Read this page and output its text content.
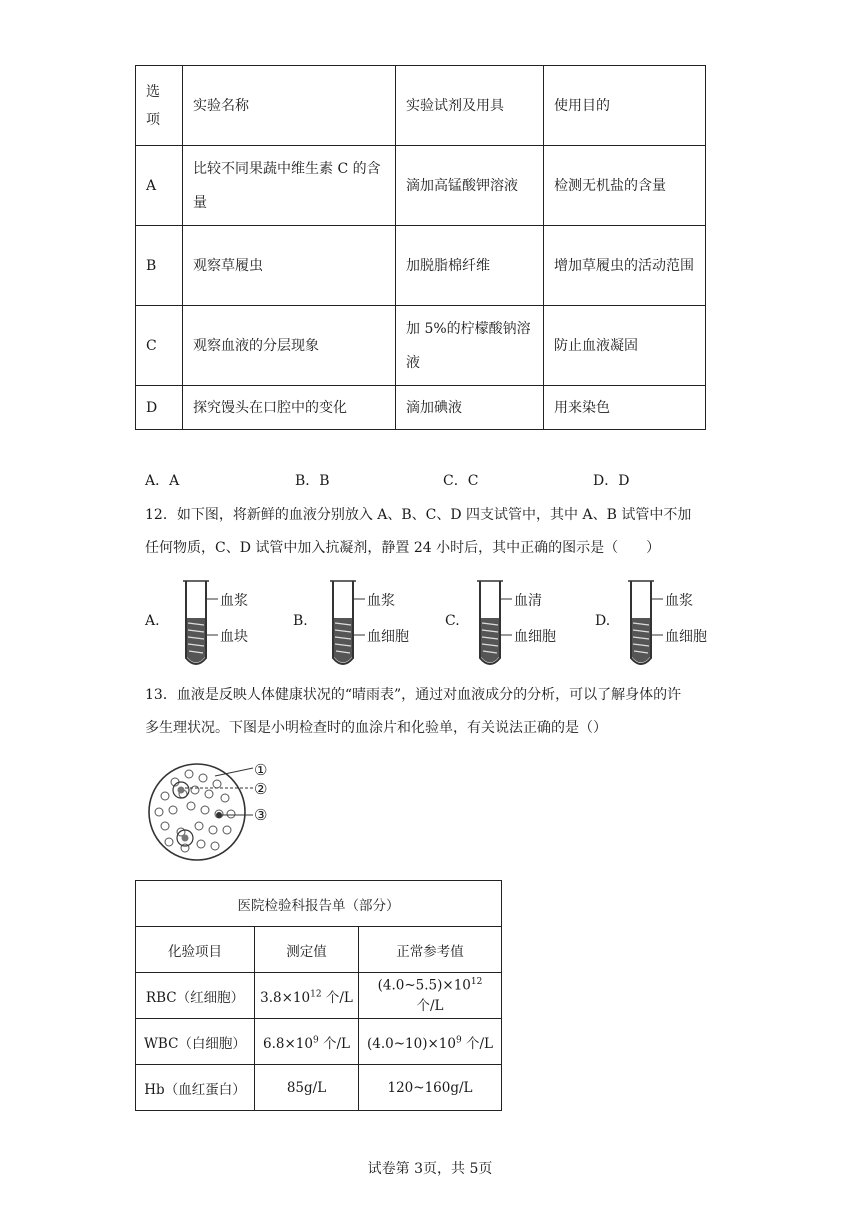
选项	实验名称	实验试剂及用具	使用目的
A	比较不同果蔬中维生素 C 的含量	滴加高锰酸钾溶液	检测无机盐的含量
B	观察草履虫	加脱脂棉纤维	增加草履虫的活动范围
C	观察血液的分层现象	加 5%的柠檬酸钠溶液	防止血液凝固
D	探究馒头在口腔中的变化	滴加碘液	用来染色
A．A	B．B	C．C	D．D
12．如下图，将新鲜的血液分别放入 A、B、C、D 四支试管中，其中 A、B 试管中不加
任何物质，C、D 试管中加入抗凝剂，静置 24 小时后，其中正确的图示是（　　）
A.
血浆
血块
B.
血浆
血细胞
C.
血清
血细胞
D.
血浆
血细胞
13．血液是反映人体健康状况的“晴雨表”，通过对血液成分的分析，可以了解身体的许
多生理状况。下图是小明检查时的血涂片和化验单，有关说法正确的是（）
①
②
③
医院检验科报告单（部分）		
化验项目	测定值	正常参考值
RBC（红细胞）	$3.8\times 10^{12}$ 个/L	$(4.0\sim 5.5)\times 10^{12}$ 个/L
WBC（白细胞）	$6.8\times 10^9$ 个/L	$(4.0\sim 10)\times 10^9$ 个/L
Hb（血红蛋白）	85g/L	120~160g/L
试卷第 3页，共 5页
